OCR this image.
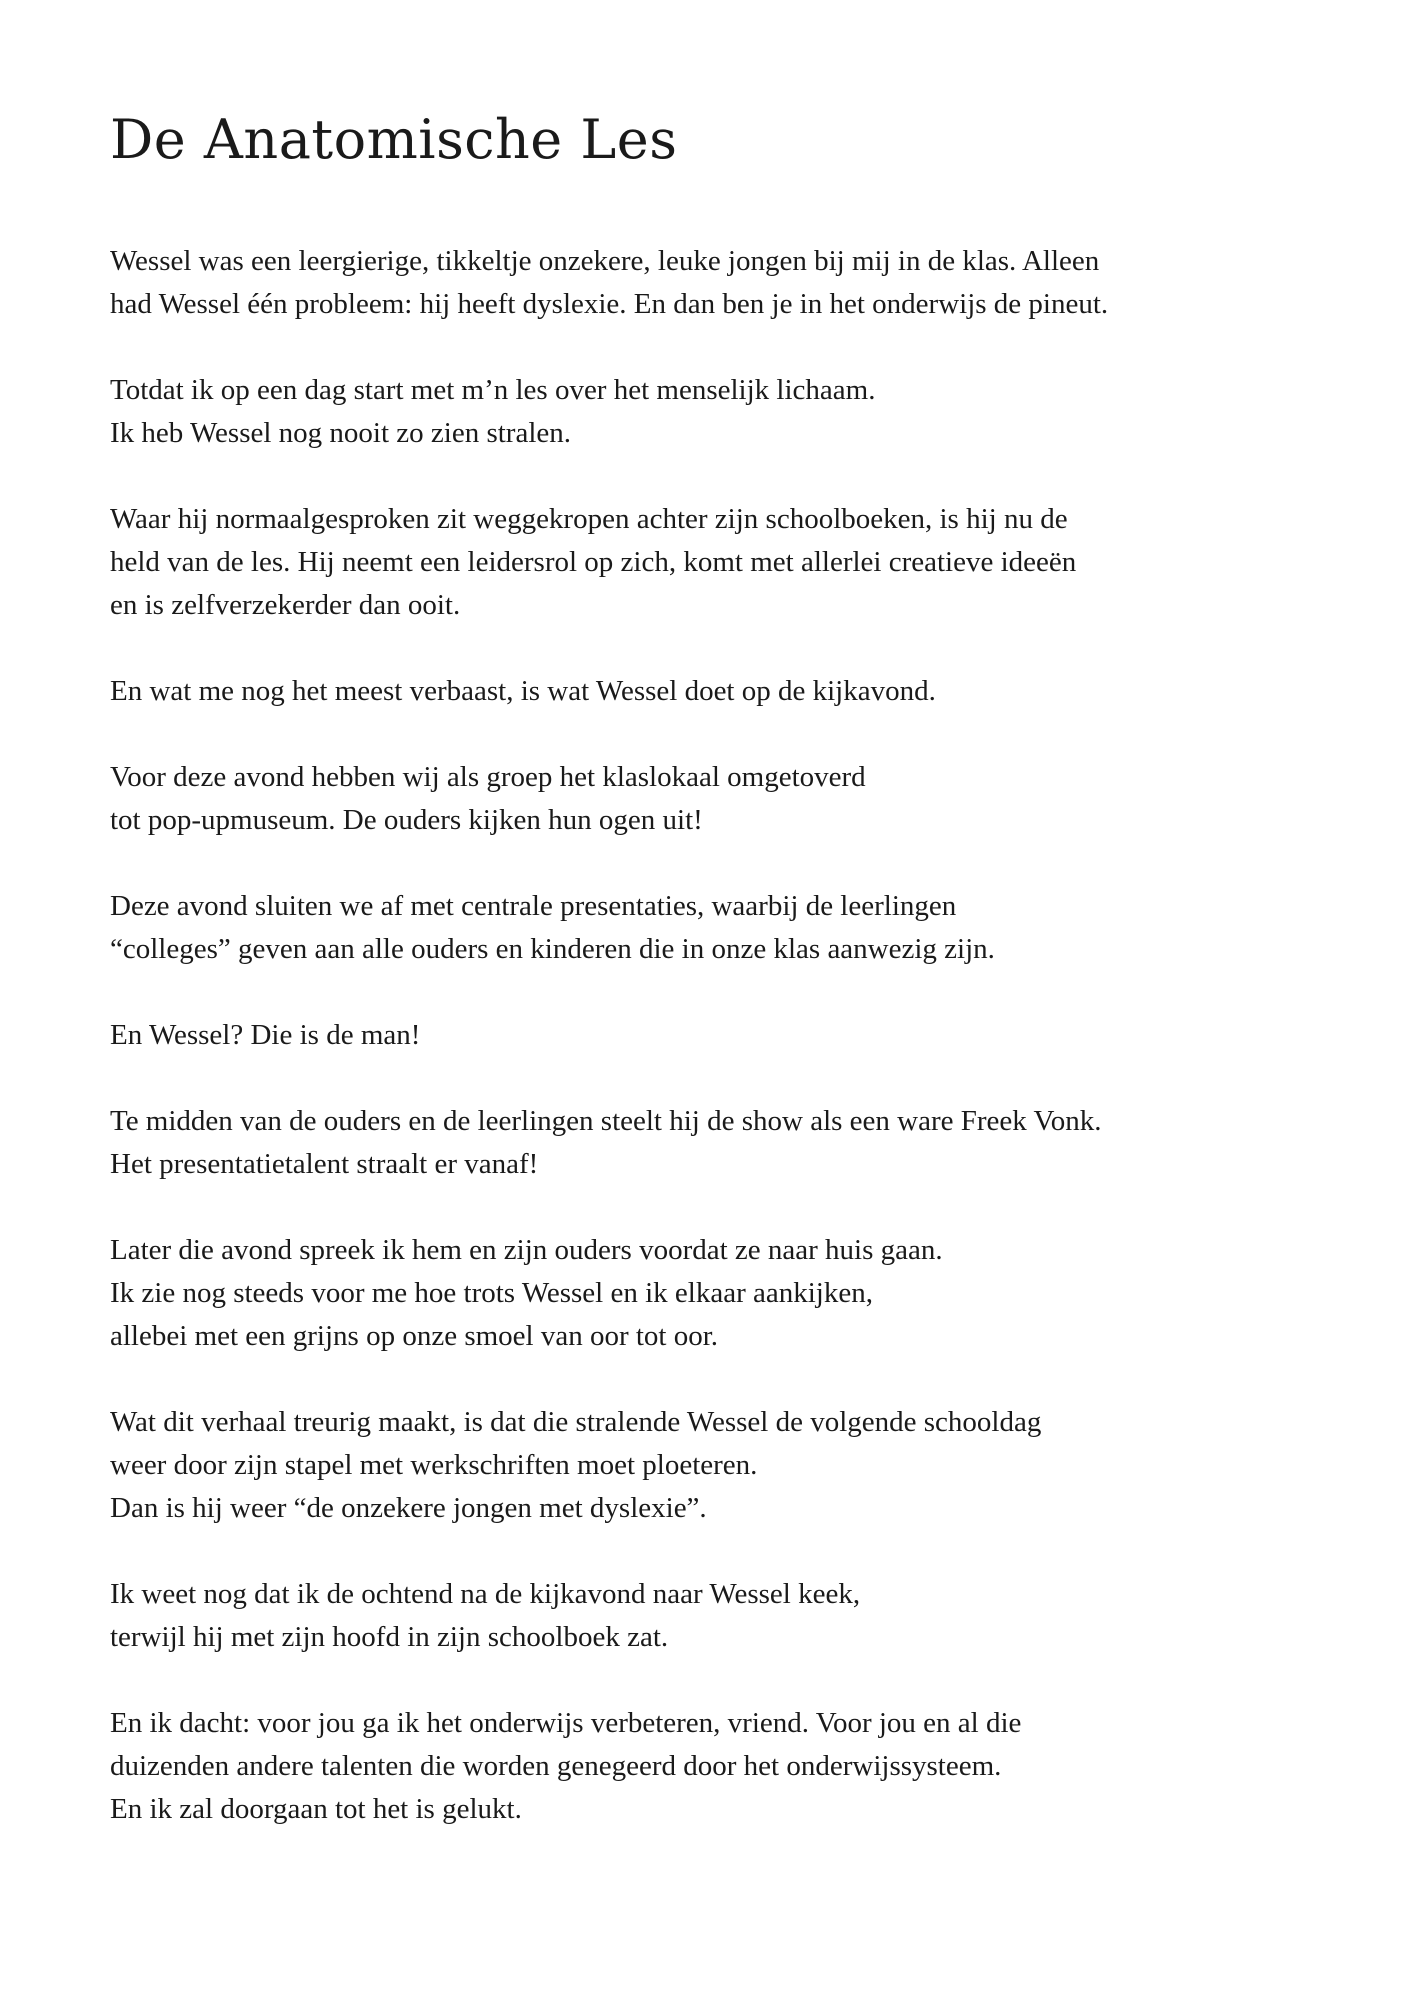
De Anatomische Les

Wessel was een leergierige, tikkeltje onzekere, leuke jongen bij mij in de klas. Alleen
had Wessel één probleem: hij heeft dyslexie. En dan ben je in het onderwijs de pineut.

Totdat ik op een dag start met m’n les over het menselijk lichaam.
Ik heb Wessel nog nooit zo zien stralen.

Waar hij normaalgesproken zit weggekropen achter zijn schoolboeken, is hij nu de
held van de les. Hij neemt een leidersrol op zich, komt met allerlei creatieve ideeën
en is zelfverzekerder dan ooit.

En wat me nog het meest verbaast, is wat Wessel doet op de kijkavond.

Voor deze avond hebben wij als groep het klaslokaal omgetoverd
tot pop-upmuseum. De ouders kijken hun ogen uit!

Deze avond sluiten we af met centrale presentaties, waarbij de leerlingen
“colleges” geven aan alle ouders en kinderen die in onze klas aanwezig zijn.

En Wessel? Die is de man!

Te midden van de ouders en de leerlingen steelt hij de show als een ware Freek Vonk.
Het presentatietalent straalt er vanaf!

Later die avond spreek ik hem en zijn ouders voordat ze naar huis gaan.
Ik zie nog steeds voor me hoe trots Wessel en ik elkaar aankijken,
allebei met een grijns op onze smoel van oor tot oor.

Wat dit verhaal treurig maakt, is dat die stralende Wessel de volgende schooldag
weer door zijn stapel met werkschriften moet ploeteren.
Dan is hij weer “de onzekere jongen met dyslexie”.

Ik weet nog dat ik de ochtend na de kijkavond naar Wessel keek,
terwijl hij met zijn hoofd in zijn schoolboek zat.

En ik dacht: voor jou ga ik het onderwijs verbeteren, vriend. Voor jou en al die
duizenden andere talenten die worden genegeerd door het onderwijssysteem.
En ik zal doorgaan tot het is gelukt.
